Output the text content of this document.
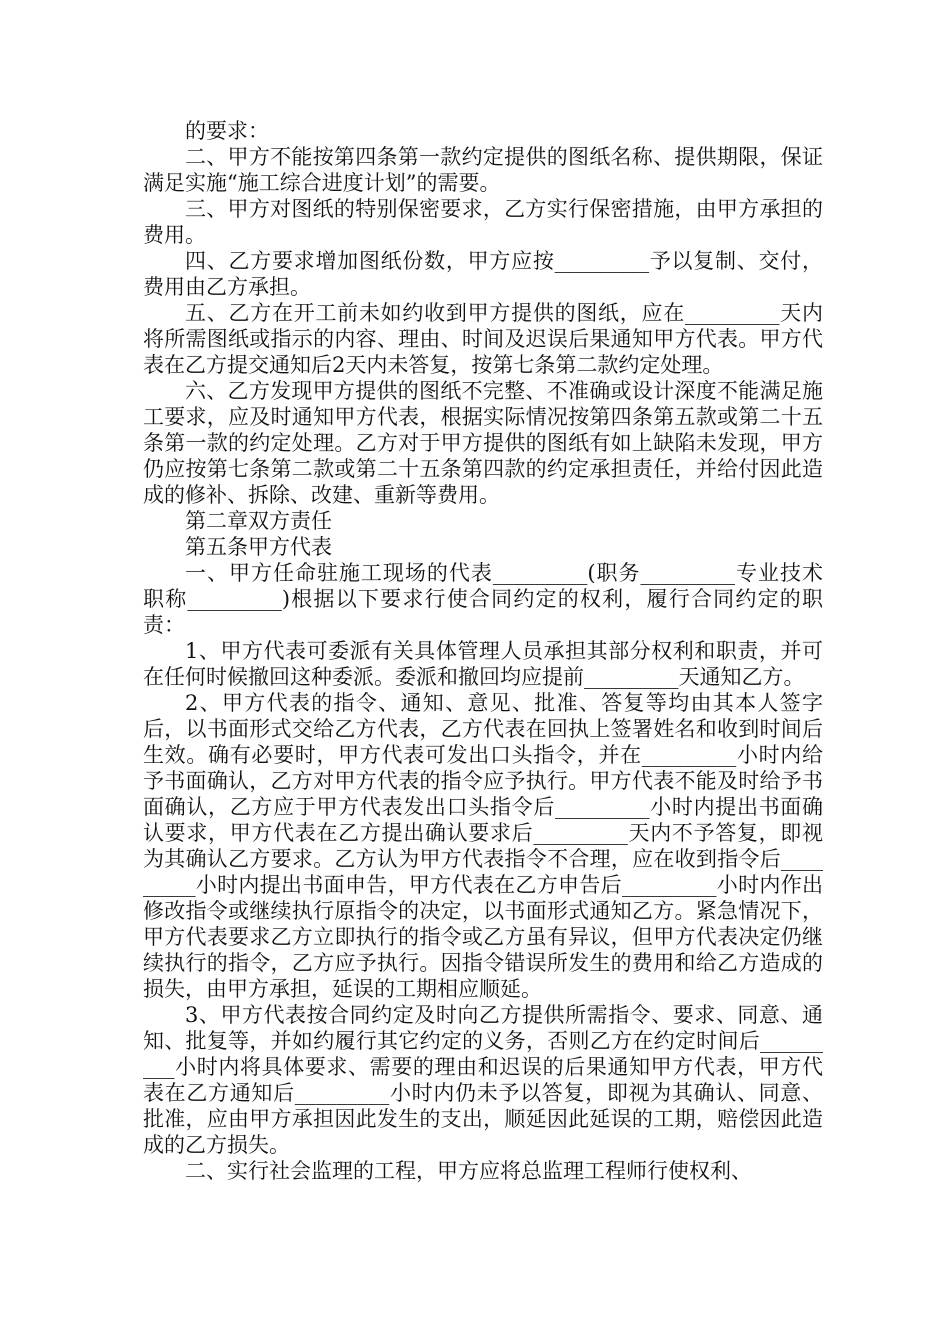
的要求：

二、甲方不能按第四条第一款约定提供的图纸名称、提供期限，保证满足实施“施工综合进度计划”的需要。

三、甲方对图纸的特别保密要求，乙方实行保密措施，由甲方承担的费用。

四、乙方要求增加图纸份数，甲方应按_________予以复制、交付，费用由乙方承担。

五、乙方在开工前未如约收到甲方提供的图纸，应在_________天内将所需图纸或指示的内容、理由、时间及迟误后果通知甲方代表。甲方代表在乙方提交通知后2天内未答复，按第七条第二款约定处理。

六、乙方发现甲方提供的图纸不完整、不准确或设计深度不能满足施工要求，应及时通知甲方代表，根据实际情况按第四条第五款或第二十五条第一款的约定处理。乙方对于甲方提供的图纸有如上缺陷未发现，甲方仍应按第七条第二款或第二十五条第四款的约定承担责任，并给付因此造成的修补、拆除、改建、重新等费用。

第二章双方责任

第五条甲方代表

一、甲方任命驻施工现场的代表_________(职务_________专业技术职称_________)根据以下要求行使合同约定的权利，履行合同约定的职责：

1、甲方代表可委派有关具体管理人员承担其部分权利和职责，并可在任何时候撤回这种委派。委派和撤回均应提前_________天通知乙方。

2、甲方代表的指令、通知、意见、批准、答复等均由其本人签字后，以书面形式交给乙方代表，乙方代表在回执上签署姓名和收到时间后生效。确有必要时，甲方代表可发出口头指令，并在_________小时内给予书面确认，乙方对甲方代表的指令应予执行。甲方代表不能及时给予书面确认，乙方应于甲方代表发出口头指令后_________小时内提出书面确认要求，甲方代表在乙方提出确认要求后_________天内不予答复，即视为其确认乙方要求。乙方认为甲方代表指令不合理，应在收到指令后_________小时内提出书面申告，甲方代表在乙方申告后_________小时内作出修改指令或继续执行原指令的决定，以书面形式通知乙方。紧急情况下，甲方代表要求乙方立即执行的指令或乙方虽有异议，但甲方代表决定仍继续执行的指令，乙方应予执行。因指令错误所发生的费用和给乙方造成的损失，由甲方承担，延误的工期相应顺延。

3、甲方代表按合同约定及时向乙方提供所需指令、要求、同意、通知、批复等，并如约履行其它约定的义务，否则乙方在约定时间后_________小时内将具体要求、需要的理由和迟误的后果通知甲方代表，甲方代表在乙方通知后_________小时内仍未予以答复，即视为其确认、同意、批准，应由甲方承担因此发生的支出，顺延因此延误的工期，赔偿因此造成的乙方损失。

二、实行社会监理的工程，甲方应将总监理工程师行使权利、
